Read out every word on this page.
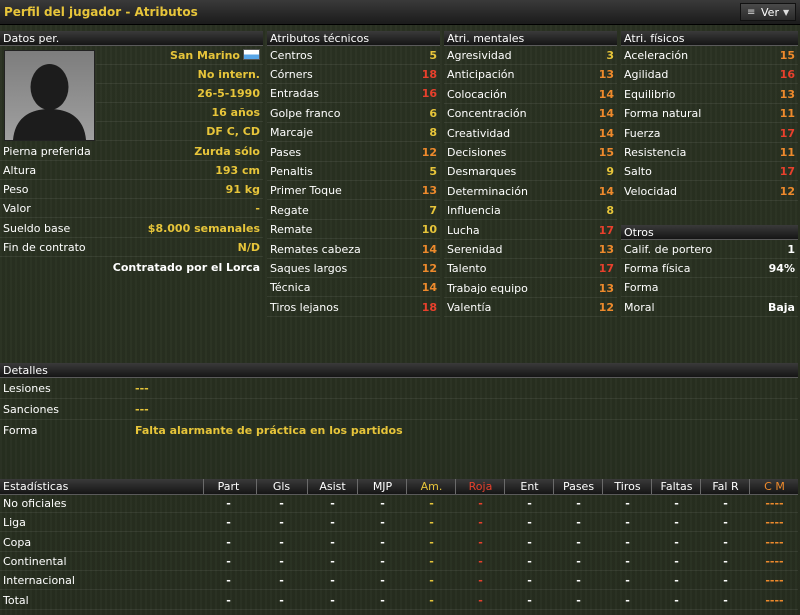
Perfil del jugador - Atributos	≡ Ver ▼
Datos per.
San Marino
No intern.
26-5-1990
16 años
DF C, CD
Pierna preferida	Zurda sólo
Altura	193 cm
Peso	91 kg
Valor	-
Sueldo base	$8.000 semanales
Fin de contrato	N/D
Contratado por el Lorca
Atributos técnicos
Centros	5
Córners	18
Entradas	16
Golpe franco	6
Marcaje	8
Pases	12
Penaltis	5
Primer Toque	13
Regate	7
Remate	10
Remates cabeza	14
Saques largos	12
Técnica	14
Tiros lejanos	18
Atri. mentales
Agresividad	3
Anticipación	13
Colocación	14
Concentración	14
Creatividad	14
Decisiones	15
Desmarques	9
Determinación	14
Influencia	8
Lucha	17
Serenidad	13
Talento	17
Trabajo equipo	13
Valentía	12
Atri. físicos
Aceleración	15
Agilidad	16
Equilibrio	13
Forma natural	11
Fuerza	17
Resistencia	11
Salto	17
Velocidad	12
Otros
Calif. de portero	1
Forma física	94%
Forma
Moral	Baja
Detalles
Lesiones	---
Sanciones	---
Forma	Falta alarmante de práctica en los partidos
Estadísticas	Part	Gls	Asist	MJP	Am.	Roja	Ent	Pases	Tiros	Faltas	Fal R	C M
No oficiales	-	-	-	-	-	-	-	-	-	-	-	----
Liga	-	-	-	-	-	-	-	-	-	-	-	----
Copa	-	-	-	-	-	-	-	-	-	-	-	----
Continental	-	-	-	-	-	-	-	-	-	-	-	----
Internacional	-	-	-	-	-	-	-	-	-	-	-	----
Total	-	-	-	-	-	-	-	-	-	-	-	----
